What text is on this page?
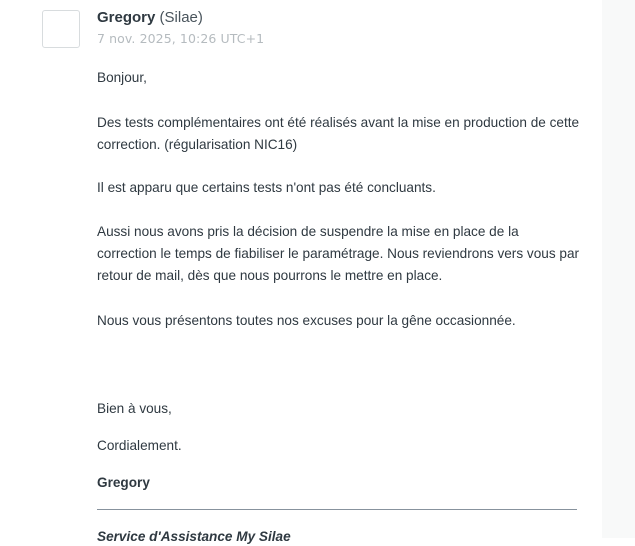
Gregory (Silae)
7 nov. 2025, 10:26 UTC+1

Bonjour,

Des tests complémentaires ont été réalisés avant la mise en production de cette correction. (régularisation NIC16)

Il est apparu que certains tests n'ont pas été concluants.

Aussi nous avons pris la décision de suspendre la mise en place de la correction le temps de fiabiliser le paramétrage. Nous reviendrons vers vous par retour de mail, dès que nous pourrons le mettre en place.

Nous vous présentons toutes nos excuses pour la gêne occasionnée.

Bien à vous,

Cordialement.

Gregory

Service d'Assistance My Silae
